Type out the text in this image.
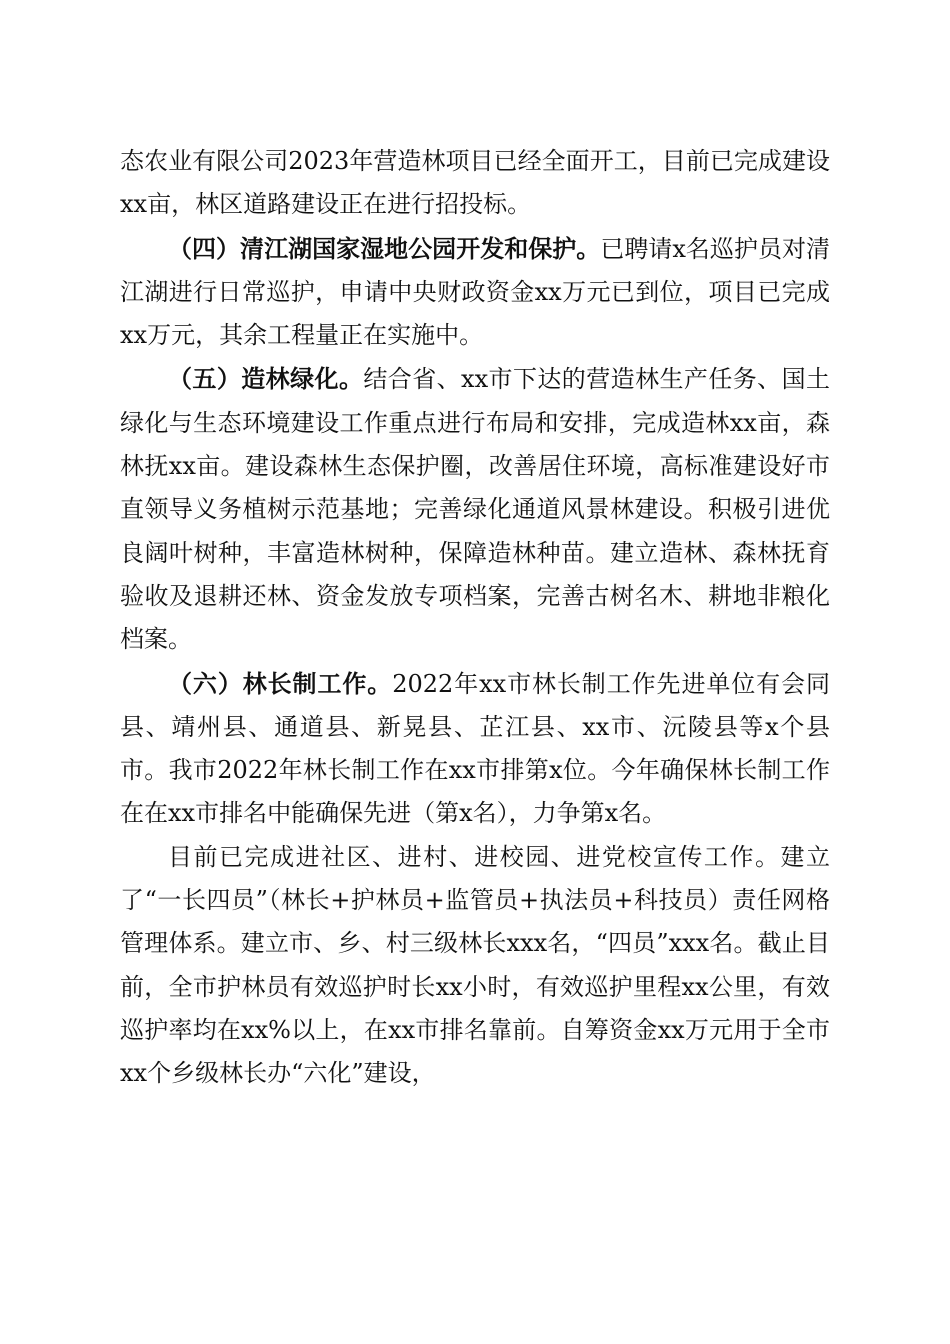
态农业有限公司2023年营造林项目已经全面开工，目前已完成建设xx亩，林区道路建设正在进行招投标。

（四）清江湖国家湿地公园开发和保护。已聘请x名巡护员对清江湖进行日常巡护，申请中央财政资金xx万元已到位，项目已完成xx万元，其余工程量正在实施中。

（五）造林绿化。结合省、xx市下达的营造林生产任务、国土绿化与生态环境建设工作重点进行布局和安排，完成造林xx亩，森林抚xx亩。建设森林生态保护圈，改善居住环境，高标准建设好市直领导义务植树示范基地；完善绿化通道风景林建设。积极引进优良阔叶树种，丰富造林树种，保障造林种苗。建立造林、森林抚育验收及退耕还林、资金发放专项档案，完善古树名木、耕地非粮化档案。

（六）林长制工作。2022年xx市林长制工作先进单位有会同县、靖州县、通道县、新晃县、芷江县、xx市、沅陵县等x个县市。我市2022年林长制工作在xx市排第x位。今年确保林长制工作在在xx市排名中能确保先进（第x名），力争第x名。

目前已完成进社区、进村、进校园、进党校宣传工作。建立了“一长四员”（林长+护林员+监管员+执法员+科技员）责任网格管理体系。建立市、乡、村三级林长xxx名，“四员”xxx名。截止目前，全市护林员有效巡护时长xx小时，有效巡护里程xx公里，有效巡护率均在xx%以上，在xx市排名靠前。自筹资金xx万元用于全市xx个乡级林长办“六化”建设，
